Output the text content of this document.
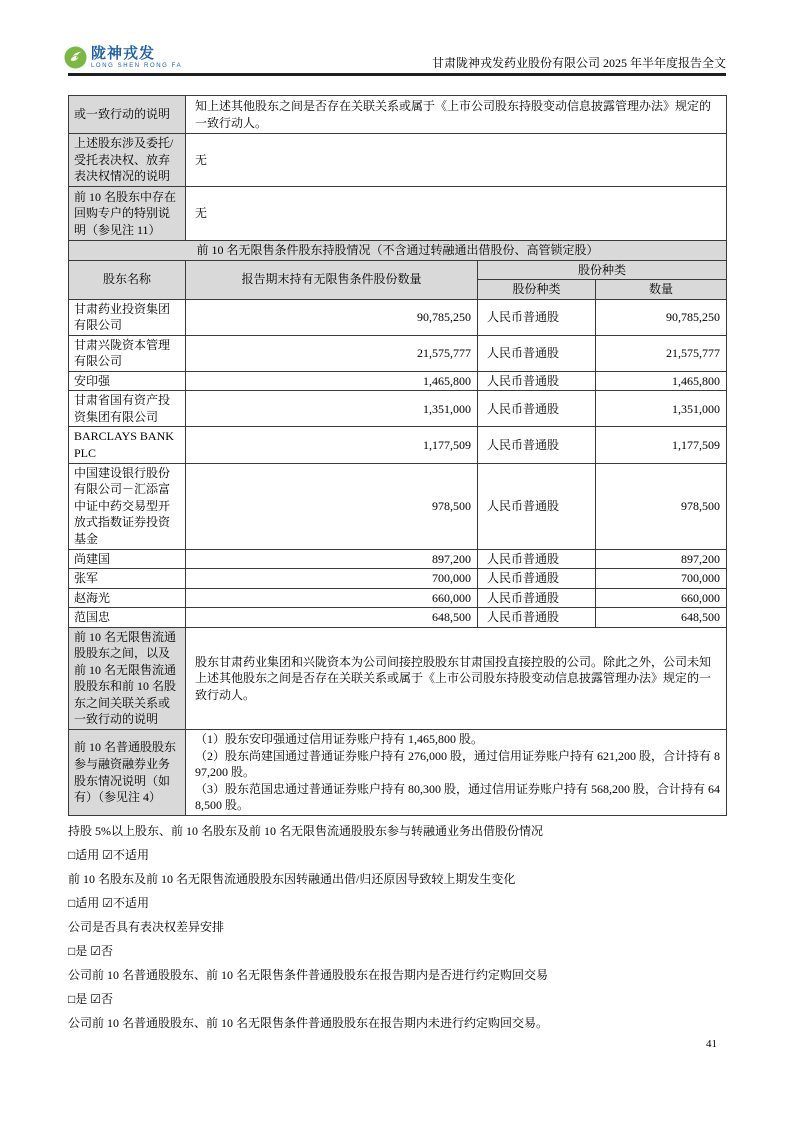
陇神戎发
LONG SHEN RONG FA	甘肃陇神戎发药业股份有限公司 2025 年半年度报告全文
或一致行动的说明	知上述其他股东之间是否存在关联关系或属于《上市公司股东持股变动信息披露管理办法》规定的一致行动人。
上述股东涉及委托/受托表决权、放弃表决权情况的说明	无
前 10 名股东中存在回购专户的特别说明（参见注 11）	无
前 10 名无限售条件股东持股情况（不含通过转融通出借股份、高管锁定股）			
股东名称	报告期末持有无限售条件股份数量	股份种类	
		股份种类	数量
甘肃药业投资集团有限公司	90,785,250	人民币普通股	90,785,250
甘肃兴陇资本管理有限公司	21,575,777	人民币普通股	21,575,777
安印强	1,465,800	人民币普通股	1,465,800
甘肃省国有资产投资集团有限公司	1,351,000	人民币普通股	1,351,000
BARCLAYS BANK PLC	1,177,509	人民币普通股	1,177,509
中国建设银行股份有限公司－汇添富中证中药交易型开放式指数证券投资基金	978,500	人民币普通股	978,500
尚建国	897,200	人民币普通股	897,200
张军	700,000	人民币普通股	700,000
赵海光	660,000	人民币普通股	660,000
范国忠	648,500	人民币普通股	648,500
前 10 名无限售流通股股东之间，以及前 10 名无限售流通股股东和前 10 名股东之间关联关系或一致行动的说明	股东甘肃药业集团和兴陇资本为公司间接控股股东甘肃国投直接控股的公司。除此之外，公司未知上述其他股东之间是否存在关联关系或属于《上市公司股东持股变动信息披露管理办法》规定的一致行动人。		
前 10 名普通股股东参与融资融券业务股东情况说明（如有）（参见注 4）	（1）股东安印强通过信用证券账户持有 1,465,800 股。
（2）股东尚建国通过普通证券账户持有 276,000 股，通过信用证券账户持有 621,200 股，合计持有 897,200 股。
（3）股东范国忠通过普通证券账户持有 80,300 股，通过信用证券账户持有 568,200 股，合计持有 648,500 股。		

持股 5%以上股东、前 10 名股东及前 10 名无限售流通股股东参与转融通业务出借股份情况

□适用 ☑不适用

前 10 名股东及前 10 名无限售流通股股东因转融通出借/归还原因导致较上期发生变化

□适用 ☑不适用

公司是否具有表决权差异安排

□是 ☑否

公司前 10 名普通股股东、前 10 名无限售条件普通股股东在报告期内是否进行约定购回交易

□是 ☑否

公司前 10 名普通股股东、前 10 名无限售条件普通股股东在报告期内未进行约定购回交易。

41
